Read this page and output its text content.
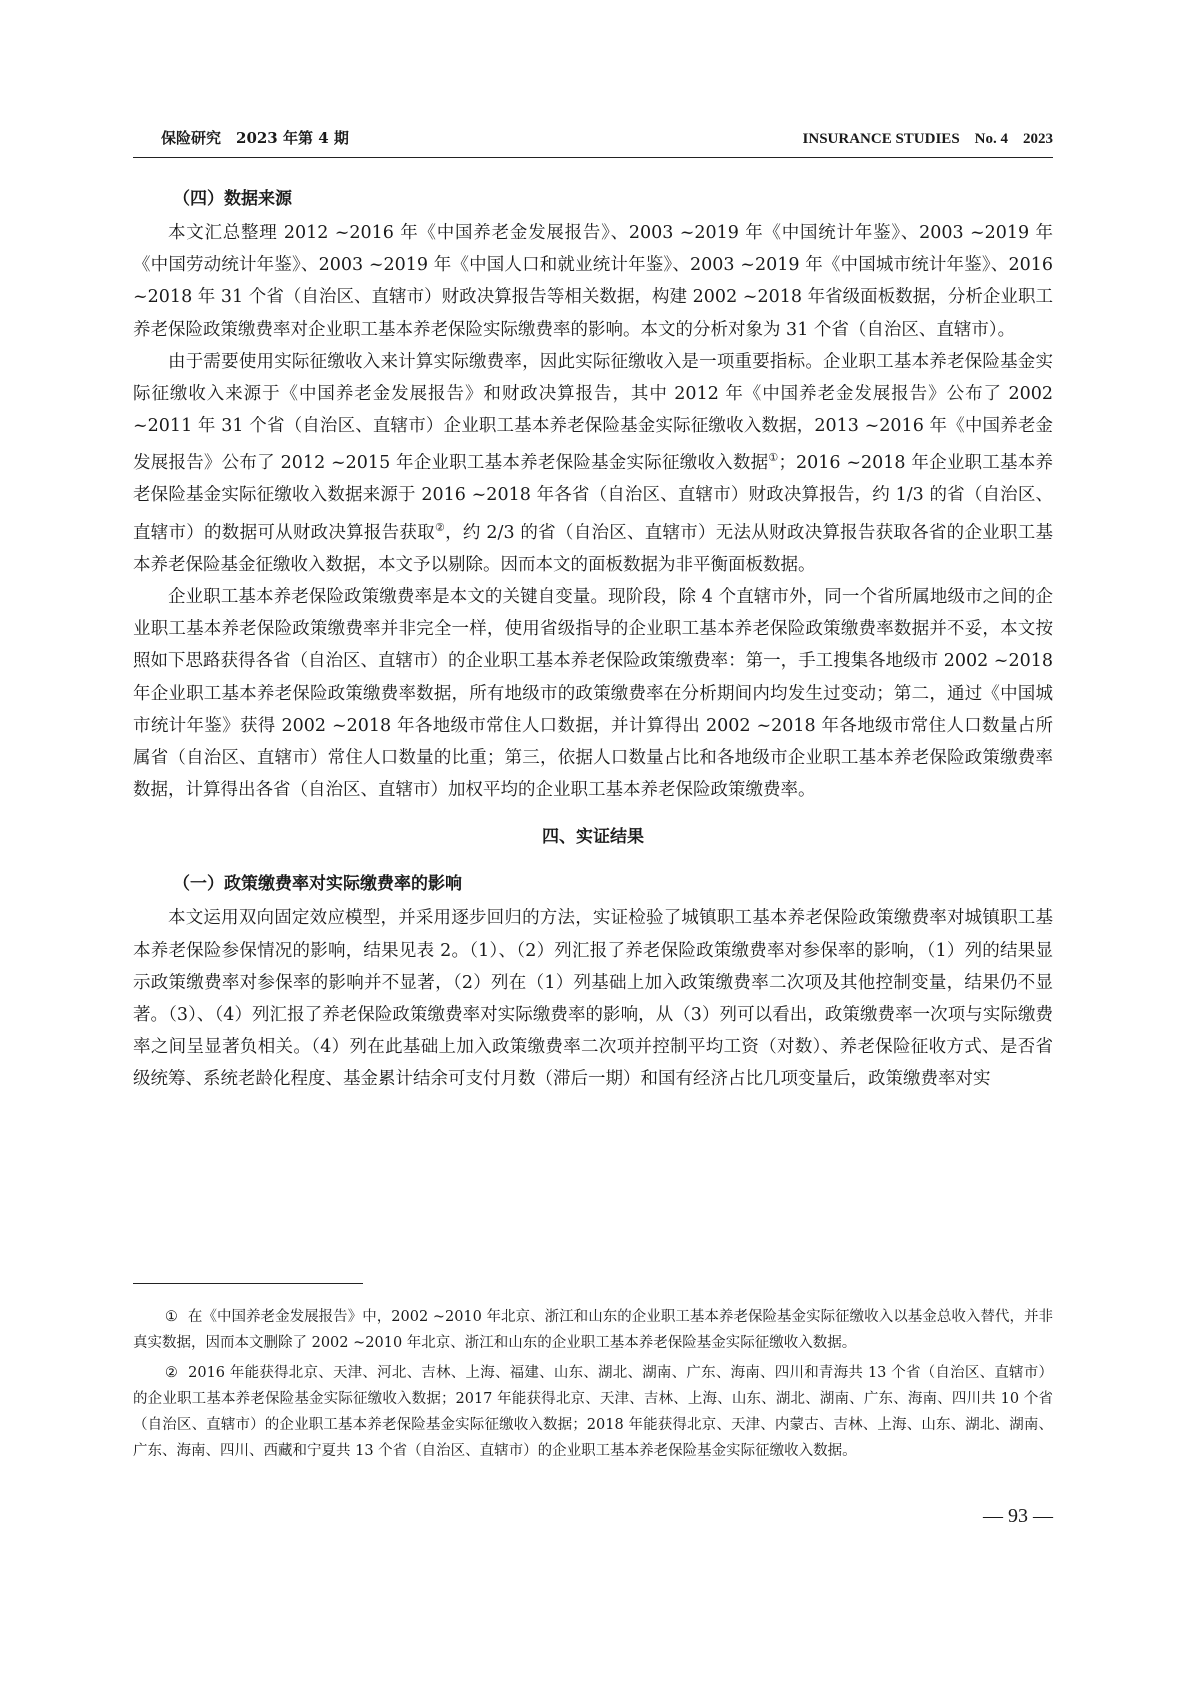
保险研究　2023 年第 4 期	INSURANCE STUDIES　No. 4　2023
（四）数据来源

本文汇总整理 2012 ~2016 年《中国养老金发展报告》、2003 ~2019 年《中国统计年鉴》、2003 ~2019 年《中国劳动统计年鉴》、2003 ~2019 年《中国人口和就业统计年鉴》、2003 ~2019 年《中国城市统计年鉴》、2016 ~2018 年 31 个省（自治区、直辖市）财政决算报告等相关数据，构建 2002 ~2018 年省级面板数据，分析企业职工养老保险政策缴费率对企业职工基本养老保险实际缴费率的影响。本文的分析对象为 31 个省（自治区、直辖市）。

由于需要使用实际征缴收入来计算实际缴费率，因此实际征缴收入是一项重要指标。企业职工基本养老保险基金实际征缴收入来源于《中国养老金发展报告》和财政决算报告，其中 2012 年《中国养老金发展报告》公布了 2002 ~2011 年 31 个省（自治区、直辖市）企业职工基本养老保险基金实际征缴收入数据，2013 ~2016 年《中国养老金发展报告》公布了 2012 ~2015 年企业职工基本养老保险基金实际征缴收入数据①；2016 ~2018 年企业职工基本养老保险基金实际征缴收入数据来源于 2016 ~2018 年各省（自治区、直辖市）财政决算报告，约 1/3 的省（自治区、直辖市）的数据可从财政决算报告获取②，约 2/3 的省（自治区、直辖市）无法从财政决算报告获取各省的企业职工基本养老保险基金征缴收入数据，本文予以剔除。因而本文的面板数据为非平衡面板数据。

企业职工基本养老保险政策缴费率是本文的关键自变量。现阶段，除 4 个直辖市外，同一个省所属地级市之间的企业职工基本养老保险政策缴费率并非完全一样，使用省级指导的企业职工基本养老保险政策缴费率数据并不妥，本文按照如下思路获得各省（自治区、直辖市）的企业职工基本养老保险政策缴费率：第一，手工搜集各地级市 2002 ~2018 年企业职工基本养老保险政策缴费率数据，所有地级市的政策缴费率在分析期间内均发生过变动；第二，通过《中国城市统计年鉴》获得 2002 ~2018 年各地级市常住人口数据，并计算得出 2002 ~2018 年各地级市常住人口数量占所属省（自治区、直辖市）常住人口数量的比重；第三，依据人口数量占比和各地级市企业职工基本养老保险政策缴费率数据，计算得出各省（自治区、直辖市）加权平均的企业职工基本养老保险政策缴费率。

四、实证结果
（一）政策缴费率对实际缴费率的影响

本文运用双向固定效应模型，并采用逐步回归的方法，实证检验了城镇职工基本养老保险政策缴费率对城镇职工基本养老保险参保情况的影响，结果见表 2。（1）、（2）列汇报了养老保险政策缴费率对参保率的影响，（1）列的结果显示政策缴费率对参保率的影响并不显著，（2）列在（1）列基础上加入政策缴费率二次项及其他控制变量，结果仍不显著。（3）、（4）列汇报了养老保险政策缴费率对实际缴费率的影响，从（3）列可以看出，政策缴费率一次项与实际缴费率之间呈显著负相关。（4）列在此基础上加入政策缴费率二次项并控制平均工资（对数）、养老保险征收方式、是否省级统筹、系统老龄化程度、基金累计结余可支付月数（滞后一期）和国有经济占比几项变量后，政策缴费率对实

① 在《中国养老金发展报告》中，2002 ~2010 年北京、浙江和山东的企业职工基本养老保险基金实际征缴收入以基金总收入替代，并非真实数据，因而本文删除了 2002 ~2010 年北京、浙江和山东的企业职工基本养老保险基金实际征缴收入数据。

② 2016 年能获得北京、天津、河北、吉林、上海、福建、山东、湖北、湖南、广东、海南、四川和青海共 13 个省（自治区、直辖市）的企业职工基本养老保险基金实际征缴收入数据；2017 年能获得北京、天津、吉林、上海、山东、湖北、湖南、广东、海南、四川共 10 个省（自治区、直辖市）的企业职工基本养老保险基金实际征缴收入数据；2018 年能获得北京、天津、内蒙古、吉林、上海、山东、湖北、湖南、广东、海南、四川、西藏和宁夏共 13 个省（自治区、直辖市）的企业职工基本养老保险基金实际征缴收入数据。

— 93 —
